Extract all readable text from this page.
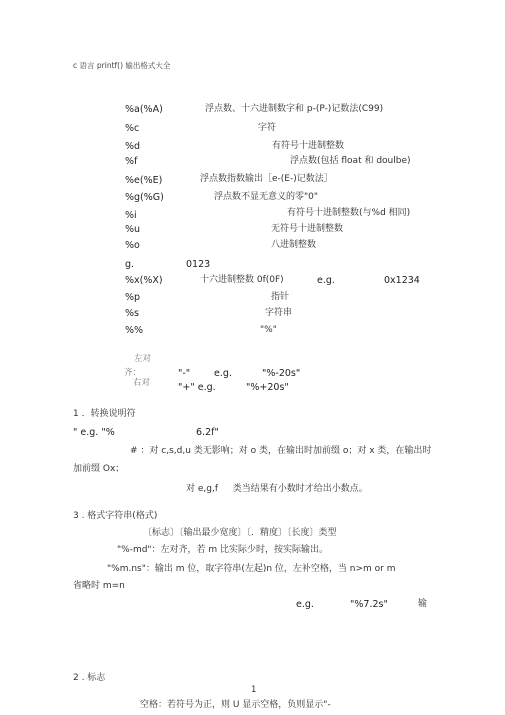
c 语言 printf() 输出格式大全
%a(%A)	浮点数、十六进制数字和 p-(P-)记数法(C99)
%c	字符
%d	有符号十进制整数
%f	浮点数(包括 float 和 doulbe)
%e(%E)	浮点数指数输出［e-(E-)记数法］
%g(%G)	浮点数不显无意义的零"0"
%i	有符号十进制整数(与%d 相同)
%u	无符号十进制整数
%o	八进制整数
g.	0123
%x(%X)	十六进制整数 0f(0F)	e.g.	0x1234
%p	指针
%s	字符串
%%	"%"
左对
齐：	"-"	e.g.	"%-20s"
右对	"+" e.g.	"%+20s"
1 ．转换说明符
" e.g. "%	6.2f"
# ：对 c,s,d,u 类无影响；对 o 类，在输出时加前缀 o；对 x 类，在输出时
加前缀 Ox；
对 e,g,f 　 类当结果有小数时才给出小数点。
3 . 格式字符串(格式)
〔标志〕〔输出最少宽度〕〔．精度〕〔长度〕类型
"%-md"：左对齐，若 m 比实际少时，按实际输出。
"%m.ns"：输出 m 位，取字符串(左起)n 位，左补空格，当 n>m or m
省略时 m=n
e.g.	"%7.2s"	输
2 . 标志
1
空格：若符号为正，则 U 显示空格，负则显示"-
